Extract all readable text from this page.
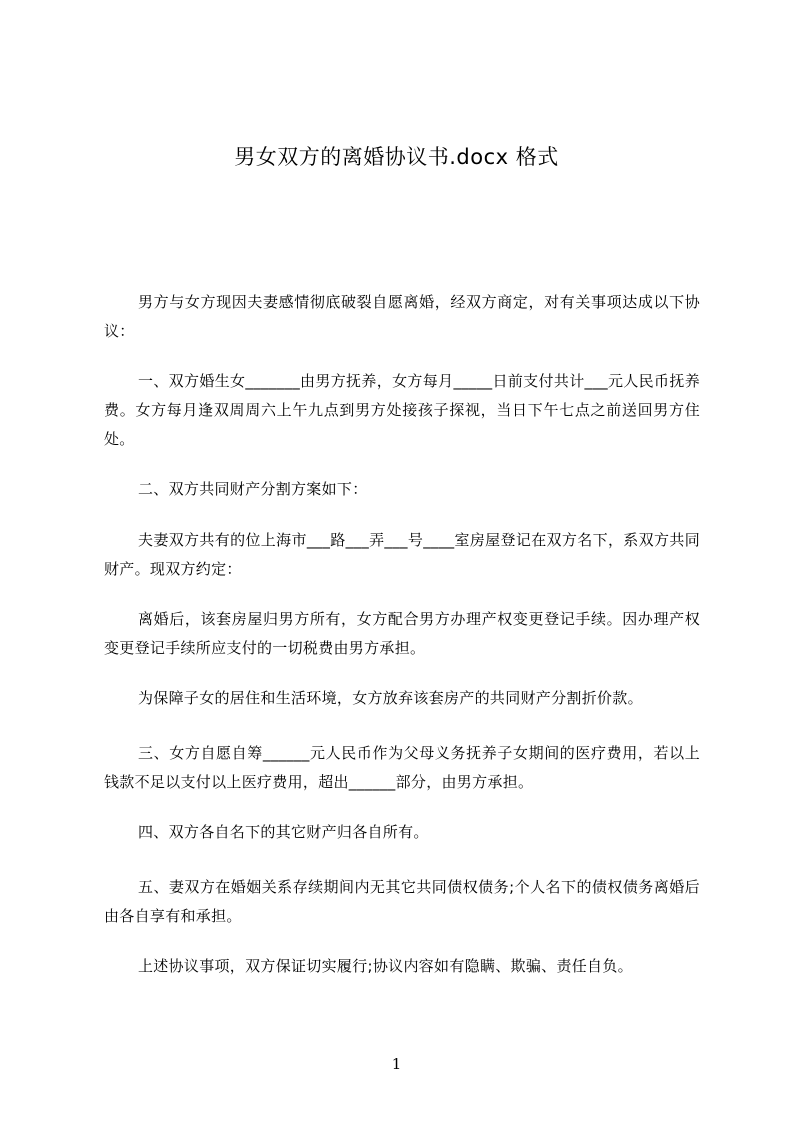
男女双方的离婚协议书.docx 格式

男方与女方现因夫妻感情彻底破裂自愿离婚，经双方商定，对有关事项达成以下协议：

一、双方婚生女_______由男方抚养，女方每月_____日前支付共计___元人民币抚养费。女方每月逢双周周六上午九点到男方处接孩子探视，当日下午七点之前送回男方住处。

二、双方共同财产分割方案如下：

夫妻双方共有的位上海市___路___弄___号____室房屋登记在双方名下，系双方共同财产。现双方约定：

离婚后，该套房屋归男方所有，女方配合男方办理产权变更登记手续。因办理产权变更登记手续所应支付的一切税费由男方承担。

为保障子女的居住和生活环境，女方放弃该套房产的共同财产分割折价款。

三、女方自愿自筹______元人民币作为父母义务抚养子女期间的医疗费用，若以上钱款不足以支付以上医疗费用，超出______部分，由男方承担。

四、双方各自名下的其它财产归各自所有。

五、妻双方在婚姻关系存续期间内无其它共同债权债务;个人名下的债权债务离婚后由各自享有和承担。

上述协议事项，双方保证切实履行;协议内容如有隐瞒、欺骗、责任自负。

1
